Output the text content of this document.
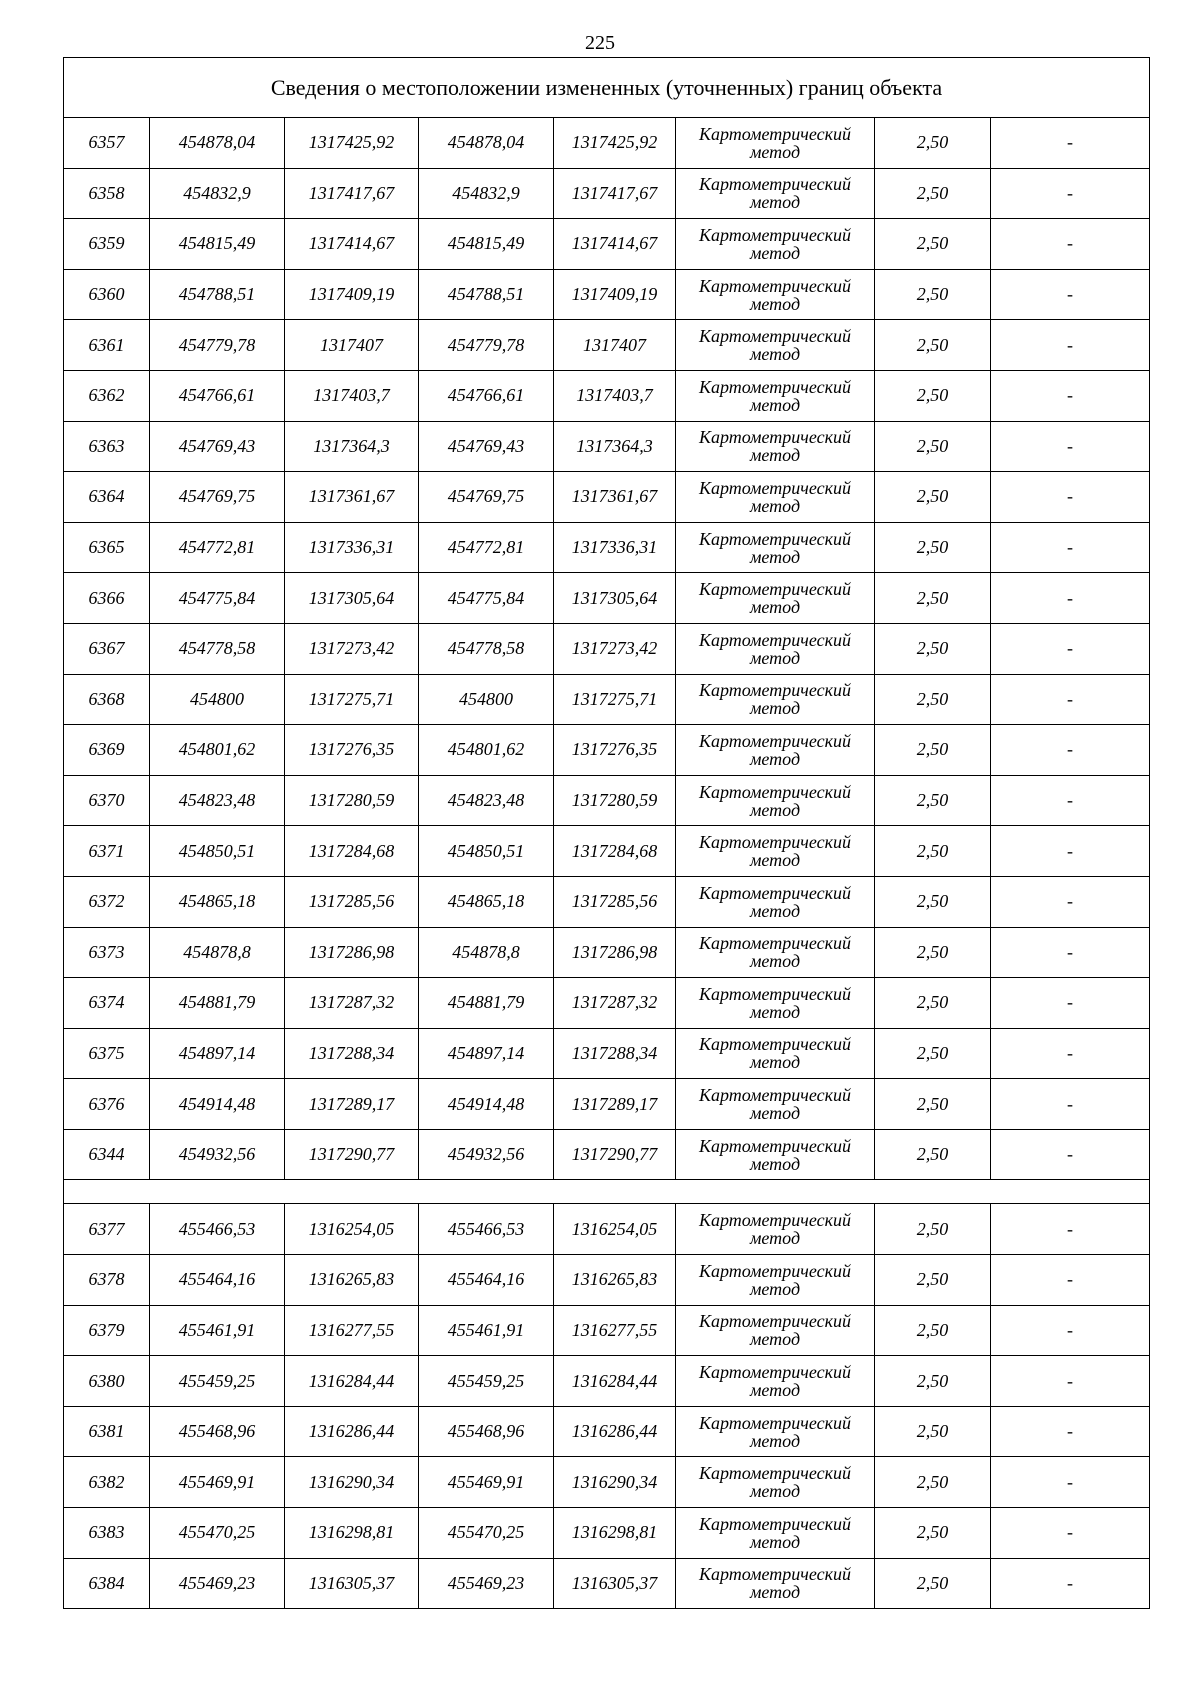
225
Сведения о местоположении измененных (уточненных) границ объекта							
6357	454878,04	1317425,92	454878,04	1317425,92	Картометрический
метод	2,50	-
6358	454832,9	1317417,67	454832,9	1317417,67	Картометрический
метод	2,50	-
6359	454815,49	1317414,67	454815,49	1317414,67	Картометрический
метод	2,50	-
6360	454788,51	1317409,19	454788,51	1317409,19	Картометрический
метод	2,50	-
6361	454779,78	1317407	454779,78	1317407	Картометрический
метод	2,50	-
6362	454766,61	1317403,7	454766,61	1317403,7	Картометрический
метод	2,50	-
6363	454769,43	1317364,3	454769,43	1317364,3	Картометрический
метод	2,50	-
6364	454769,75	1317361,67	454769,75	1317361,67	Картометрический
метод	2,50	-
6365	454772,81	1317336,31	454772,81	1317336,31	Картометрический
метод	2,50	-
6366	454775,84	1317305,64	454775,84	1317305,64	Картометрический
метод	2,50	-
6367	454778,58	1317273,42	454778,58	1317273,42	Картометрический
метод	2,50	-
6368	454800	1317275,71	454800	1317275,71	Картометрический
метод	2,50	-
6369	454801,62	1317276,35	454801,62	1317276,35	Картометрический
метод	2,50	-
6370	454823,48	1317280,59	454823,48	1317280,59	Картометрический
метод	2,50	-
6371	454850,51	1317284,68	454850,51	1317284,68	Картометрический
метод	2,50	-
6372	454865,18	1317285,56	454865,18	1317285,56	Картометрический
метод	2,50	-
6373	454878,8	1317286,98	454878,8	1317286,98	Картометрический
метод	2,50	-
6374	454881,79	1317287,32	454881,79	1317287,32	Картометрический
метод	2,50	-
6375	454897,14	1317288,34	454897,14	1317288,34	Картометрический
метод	2,50	-
6376	454914,48	1317289,17	454914,48	1317289,17	Картометрический
метод	2,50	-
6344	454932,56	1317290,77	454932,56	1317290,77	Картометрический
метод	2,50	-

6377	455466,53	1316254,05	455466,53	1316254,05	Картометрический
метод	2,50	-
6378	455464,16	1316265,83	455464,16	1316265,83	Картометрический
метод	2,50	-
6379	455461,91	1316277,55	455461,91	1316277,55	Картометрический
метод	2,50	-
6380	455459,25	1316284,44	455459,25	1316284,44	Картометрический
метод	2,50	-
6381	455468,96	1316286,44	455468,96	1316286,44	Картометрический
метод	2,50	-
6382	455469,91	1316290,34	455469,91	1316290,34	Картометрический
метод	2,50	-
6383	455470,25	1316298,81	455470,25	1316298,81	Картометрический
метод	2,50	-
6384	455469,23	1316305,37	455469,23	1316305,37	Картометрический
метод	2,50	-
